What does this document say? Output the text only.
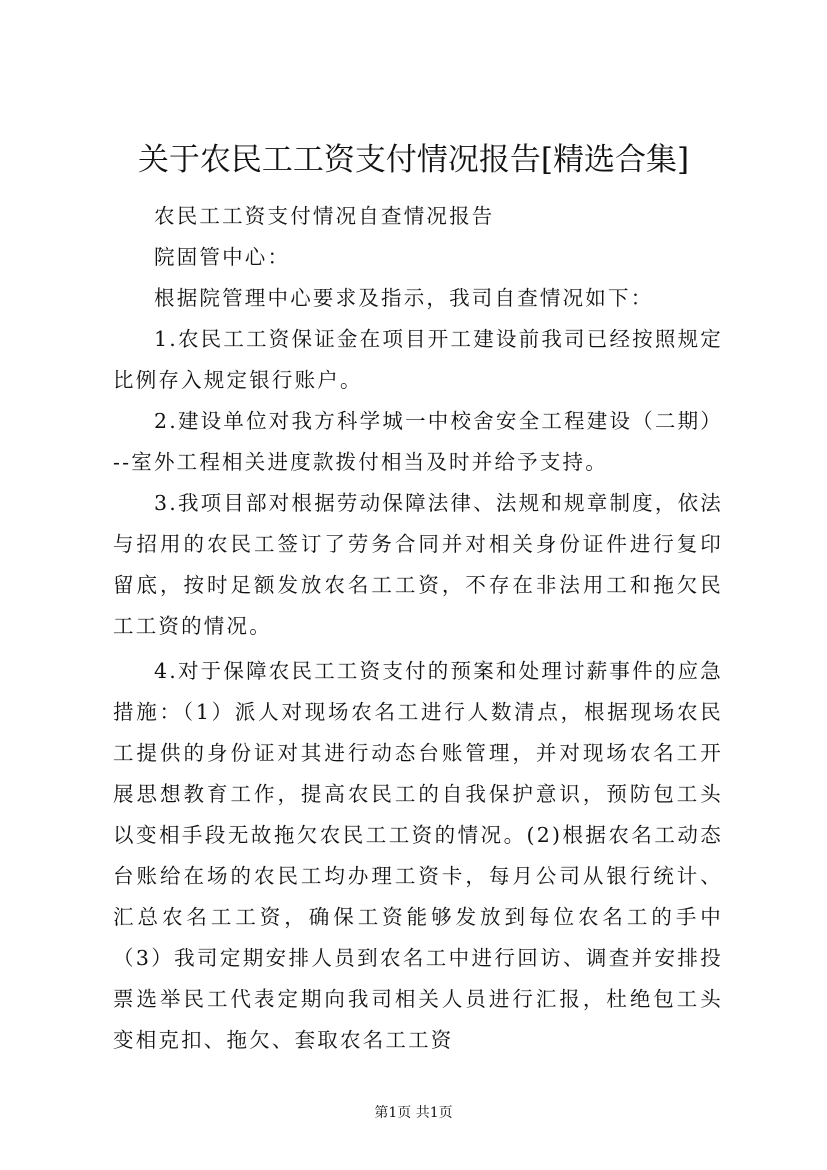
关于农民工工资支付情况报告[精选合集]

农民工工资支付情况自查情况报告

院固管中心：

根据院管理中心要求及指示，我司自查情况如下：

1.农民工工资保证金在项目开工建设前我司已经按照规定比例存入规定银行账户。

2.建设单位对我方科学城一中校舍安全工程建设（二期）--室外工程相关进度款拨付相当及时并给予支持。

3.我项目部对根据劳动保障法律、法规和规章制度，依法与招用的农民工签订了劳务合同并对相关身份证件进行复印留底，按时足额发放农名工工资，不存在非法用工和拖欠民工工资的情况。

4.对于保障农民工工资支付的预案和处理讨薪事件的应急措施：（1）派人对现场农名工进行人数清点，根据现场农民工提供的身份证对其进行动态台账管理，并对现场农名工开展思想教育工作，提高农民工的自我保护意识，预防包工头以变相手段无故拖欠农民工工资的情况。(2)根据农名工动态台账给在场的农民工均办理工资卡，每月公司从银行统计、汇总农名工工资，确保工资能够发放到每位农名工的手中（3）我司定期安排人员到农名工中进行回访、调查并安排投票选举民工代表定期向我司相关人员进行汇报，杜绝包工头变相克扣、拖欠、套取农名工工资

第1页 共1页
